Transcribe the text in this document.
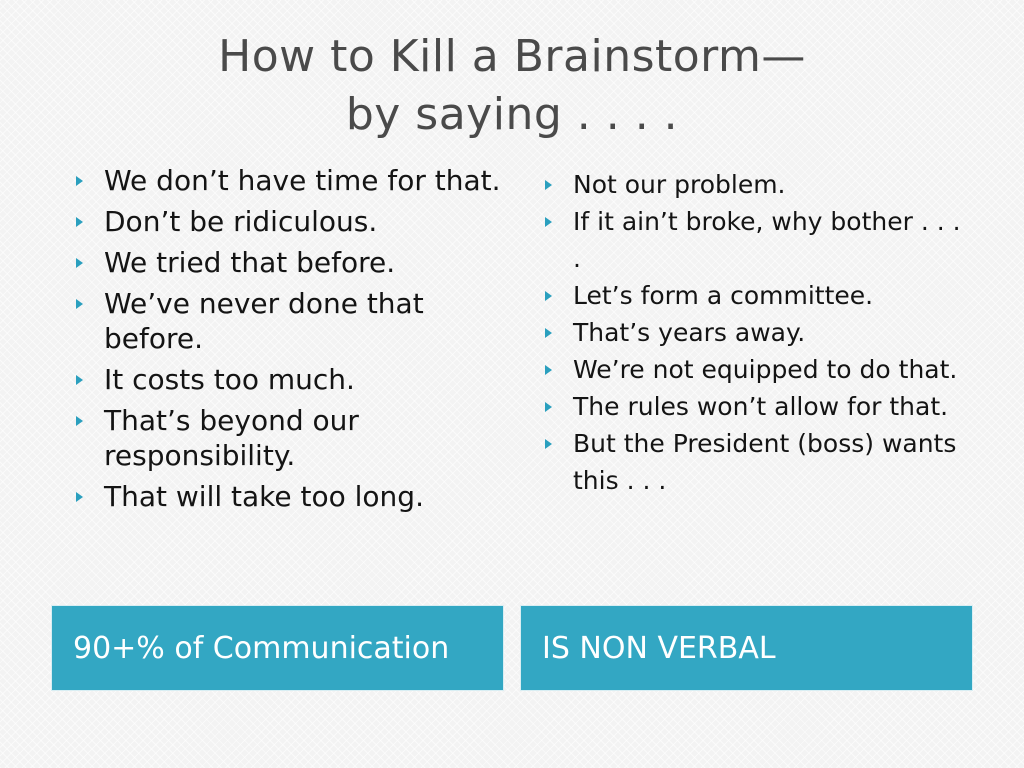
How to Kill a Brainstorm—
by saying . . . .
We don’t have time for that.
Don’t be ridiculous.
We tried that before.
We’ve never done that before.
It costs too much.
That’s beyond our responsibility.
That will take too long.
Not our problem.
If it ain’t broke, why bother . . . .
Let’s form a committee.
That’s years away.
We’re not equipped to do that.
The rules won’t allow for that.
But the President (boss) wants this . . .
90+% of Communication	IS NON VERBAL
